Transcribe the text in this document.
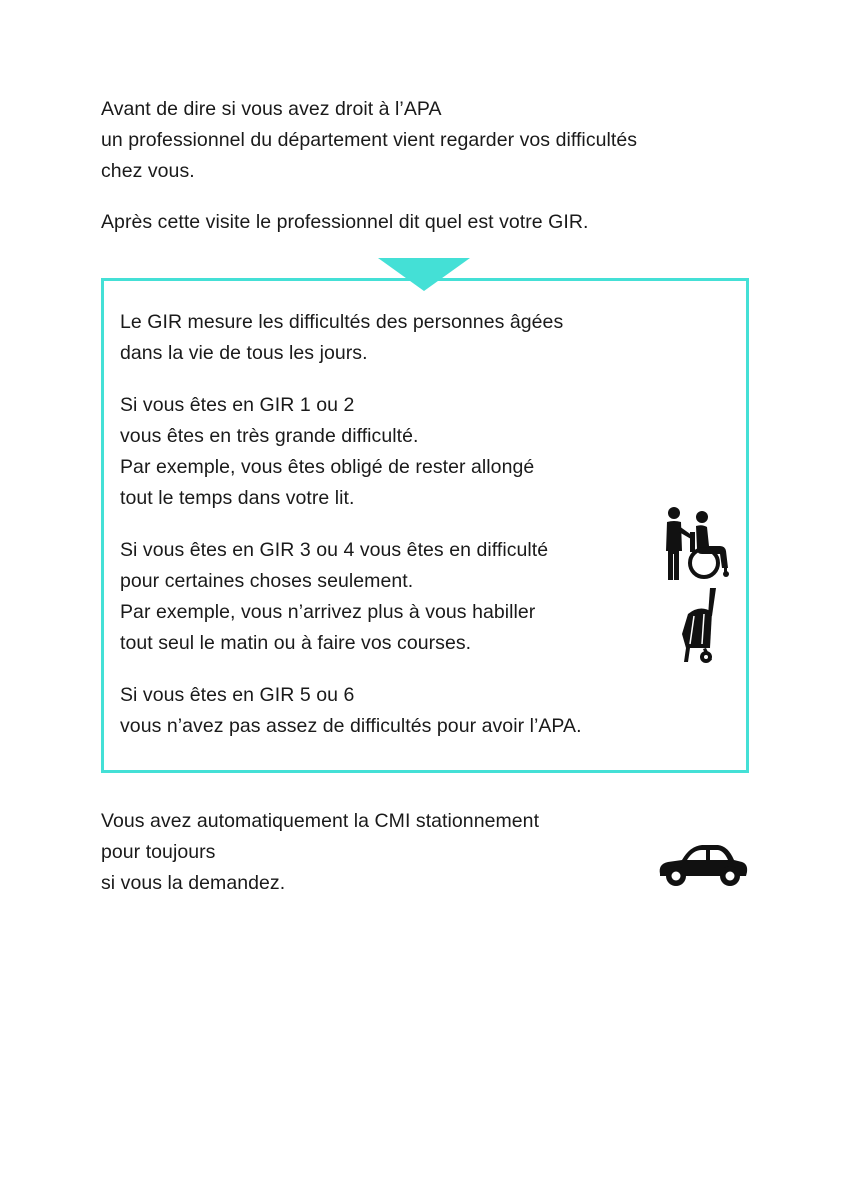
Avant de dire si vous avez droit à l’APA
un professionnel du département vient regarder vos difficultés
chez vous.

Après cette visite le professionnel dit quel est votre GIR.

Le GIR mesure les difficultés des personnes âgées
dans la vie de tous les jours.

Si vous êtes en GIR 1 ou 2
vous êtes en très grande difficulté.
Par exemple, vous êtes obligé de rester allongé
tout le temps dans votre lit.

Si vous êtes en GIR 3 ou 4 vous êtes en difficulté
pour certaines choses seulement.
Par exemple, vous n’arrivez plus à vous habiller
tout seul le matin ou à faire vos courses.

Si vous êtes en GIR 5 ou 6
vous n’avez pas assez de difficultés pour avoir l’APA.

Vous avez automatiquement la CMI stationnement
pour toujours
si vous la demandez.
